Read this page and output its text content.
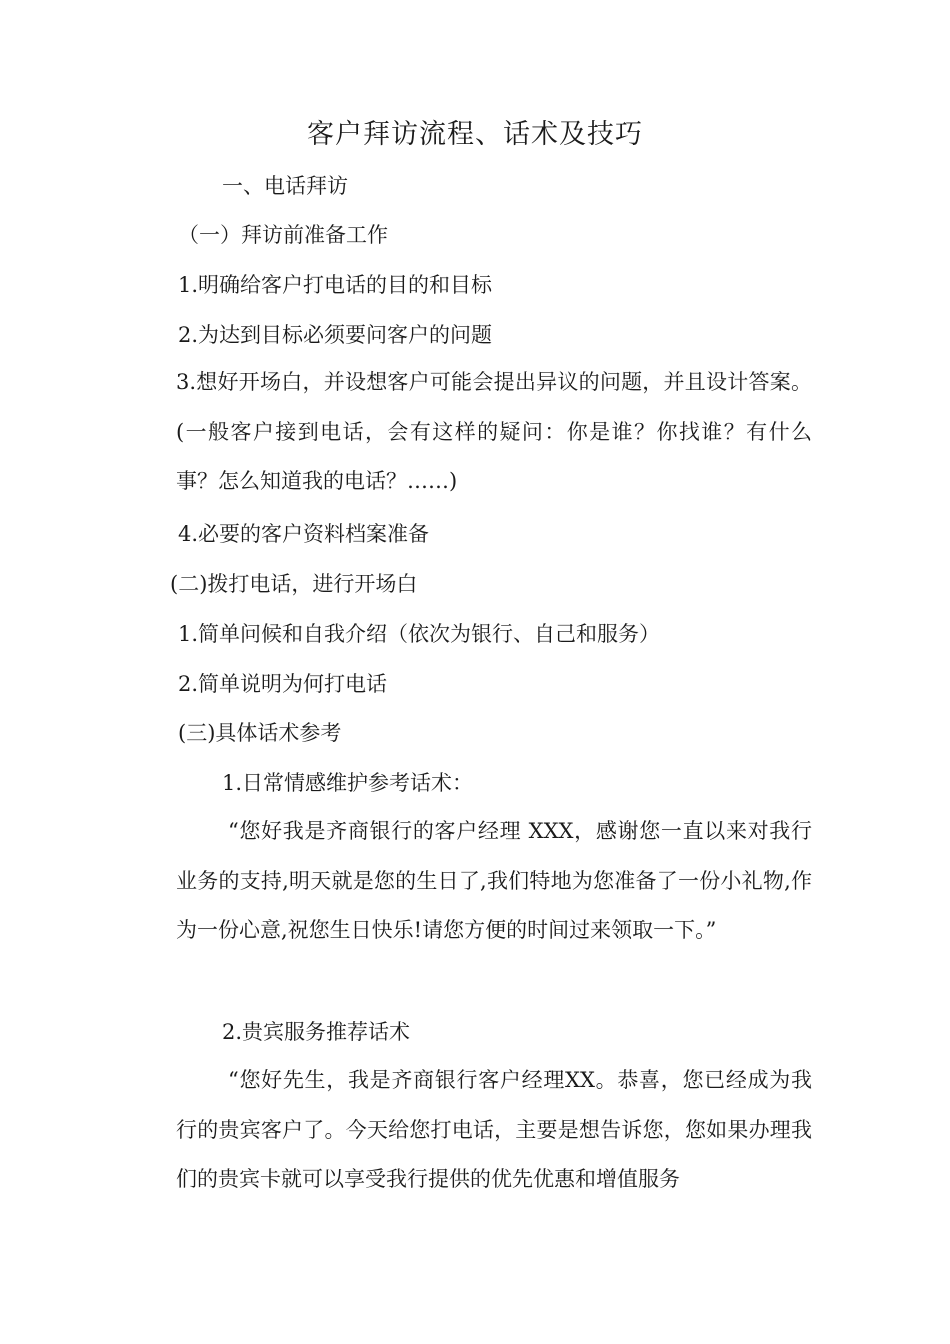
客户拜访流程、话术及技巧
一、电话拜访
（一）拜访前准备工作
1.明确给客户打电话的目的和目标
2.为达到目标必须要问客户的问题
3.想好开场白，并设想客户可能会提出异议的问题，并且设计答案。(一般客户接到电话，会有这样的疑问：你是谁？你找谁？有什么事？怎么知道我的电话？……)
4.必要的客户资料档案准备
(二)拨打电话，进行开场白
1.简单问候和自我介绍（依次为银行、自己和服务）
2.简单说明为何打电话
(三)具体话术参考
1.日常情感维护参考话术：
“您好我是齐商银行的客户经理 XXX，感谢您一直以来对我行业务的支持,明天就是您的生日了,我们特地为您准备了一份小礼物,作为一份心意,祝您生日快乐!请您方便的时间过来领取一下。”
2.贵宾服务推荐话术
“您好先生，我是齐商银行客户经理XX。恭喜，您已经成为我行的贵宾客户了。今天给您打电话，主要是想告诉您，您如果办理我们的贵宾卡就可以享受我行提供的优先优惠和增值服务
